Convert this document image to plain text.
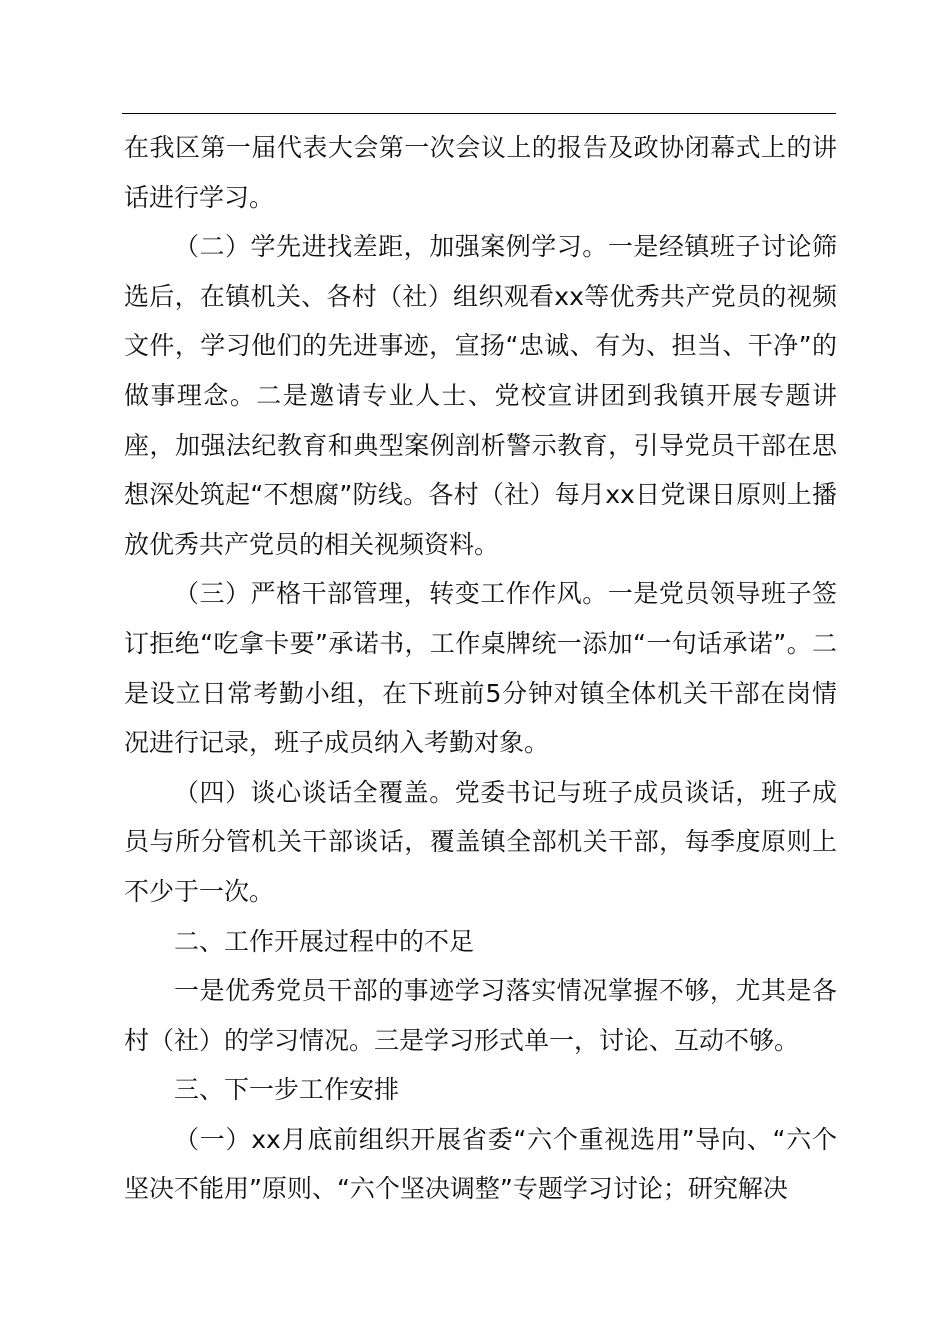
在我区第一届代表大会第一次会议上的报告及政协闭幕式上的讲话进行学习。

（二）学先进找差距，加强案例学习。一是经镇班子讨论筛选后，在镇机关、各村（社）组织观看xx等优秀共产党员的视频文件，学习他们的先进事迹，宣扬“忠诚、有为、担当、干净”的做事理念。二是邀请专业人士、党校宣讲团到我镇开展专题讲座，加强法纪教育和典型案例剖析警示教育，引导党员干部在思想深处筑起“不想腐”防线。各村（社）每月xx日党课日原则上播放优秀共产党员的相关视频资料。

（三）严格干部管理，转变工作作风。一是党员领导班子签订拒绝“吃拿卡要”承诺书，工作桌牌统一添加“一句话承诺”。二是设立日常考勤小组，在下班前5分钟对镇全体机关干部在岗情况进行记录，班子成员纳入考勤对象。

（四）谈心谈话全覆盖。党委书记与班子成员谈话，班子成员与所分管机关干部谈话，覆盖镇全部机关干部，每季度原则上不少于一次。

二、工作开展过程中的不足

一是优秀党员干部的事迹学习落实情况掌握不够，尤其是各村（社）的学习情况。三是学习形式单一，讨论、互动不够。

三、下一步工作安排

（一）xx月底前组织开展省委“六个重视选用”导向、“六个坚决不能用”原则、“六个坚决调整”专题学习讨论；研究解决
